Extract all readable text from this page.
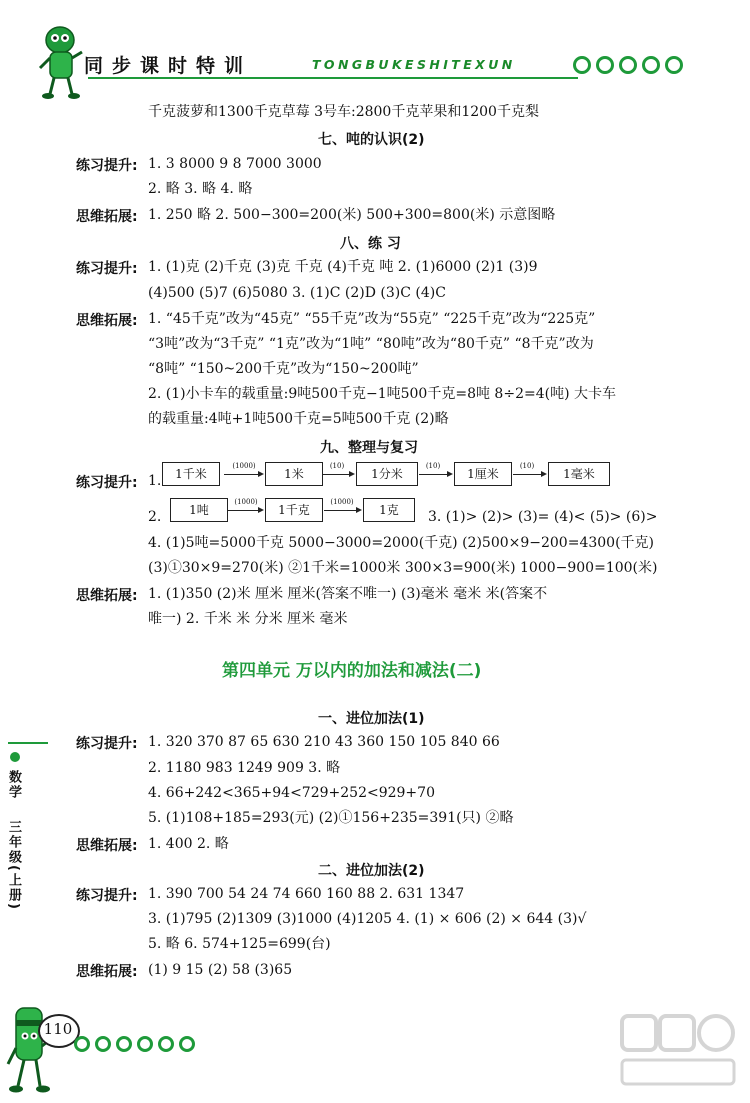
同步课时特训	TONGBUKESHITEXUN
千克菠萝和1300千克草莓 3号车:2800千克苹果和1200千克梨
七、吨的认识(2)
练习提升: 1. 3 8000 9 8 7000 3000
2. 略 3. 略 4. 略
思维拓展: 1. 250 略 2. 500−300=200(米) 500+300=800(米) 示意图略
八、练 习
练习提升: 1. (1)克 (2)千克 (3)克 千克 (4)千克 吨 2. (1)6000 (2)1 (3)9
(4)500 (5)7 (6)5080 3. (1)C (2)D (3)C (4)C
思维拓展: 1. “45千克”改为“45克” “55千克”改为“55克” “225千克”改为“225克”
“3吨”改为“3千克” “1克”改为“1吨” “80吨”改为“80千克” “8千克”改为
“8吨” “150~200千克”改为“150~200吨”
2. (1)小卡车的载重量:9吨500千克−1吨500千克=8吨 8÷2=4(吨) 大卡车
的载重量:4吨+1吨500千克=5吨500千克 (2)略
九、整理与复习
练习提升: 1.	1千米
(1000)
1米
(10)
1分米
(10)
1厘米
(10)
1毫米
2.	1吨
(1000)
1千克
(1000)
1克	3. (1)> (2)> (3)= (4)< (5)> (6)>
4. (1)5吨=5000千克 5000−3000=2000(千克) (2)500×9−200=4300(千克)
(3)①30×9=270(米) ②1千米=1000米 300×3=900(米) 1000−900=100(米)
思维拓展: 1. (1)350 (2)米 厘米 厘米(答案不唯一) (3)毫米 毫米 米(答案不
唯一) 2. 千米 米 分米 厘米 毫米
第四单元 万以内的加法和减法(二)
一、进位加法(1)
练习提升: 1. 320 370 87 65 630 210 43 360 150 105 840 66
2. 1180 983 1249 909 3. 略
4. 66+242<365+94<729+252<929+70
5. (1)108+185=293(元) (2)①156+235=391(只) ②略
思维拓展: 1. 400 2. 略
二、进位加法(2)
练习提升: 1. 390 700 54 24 74 660 160 88 2. 631 1347
3. (1)795 (2)1309 (3)1000 (4)1205 4. (1) × 606 (2) × 644 (3)√
5. 略 6. 574+125=699(台)
思维拓展: (1) 9 15 (2) 58 (3)65
数学
三年级(上册)
110
